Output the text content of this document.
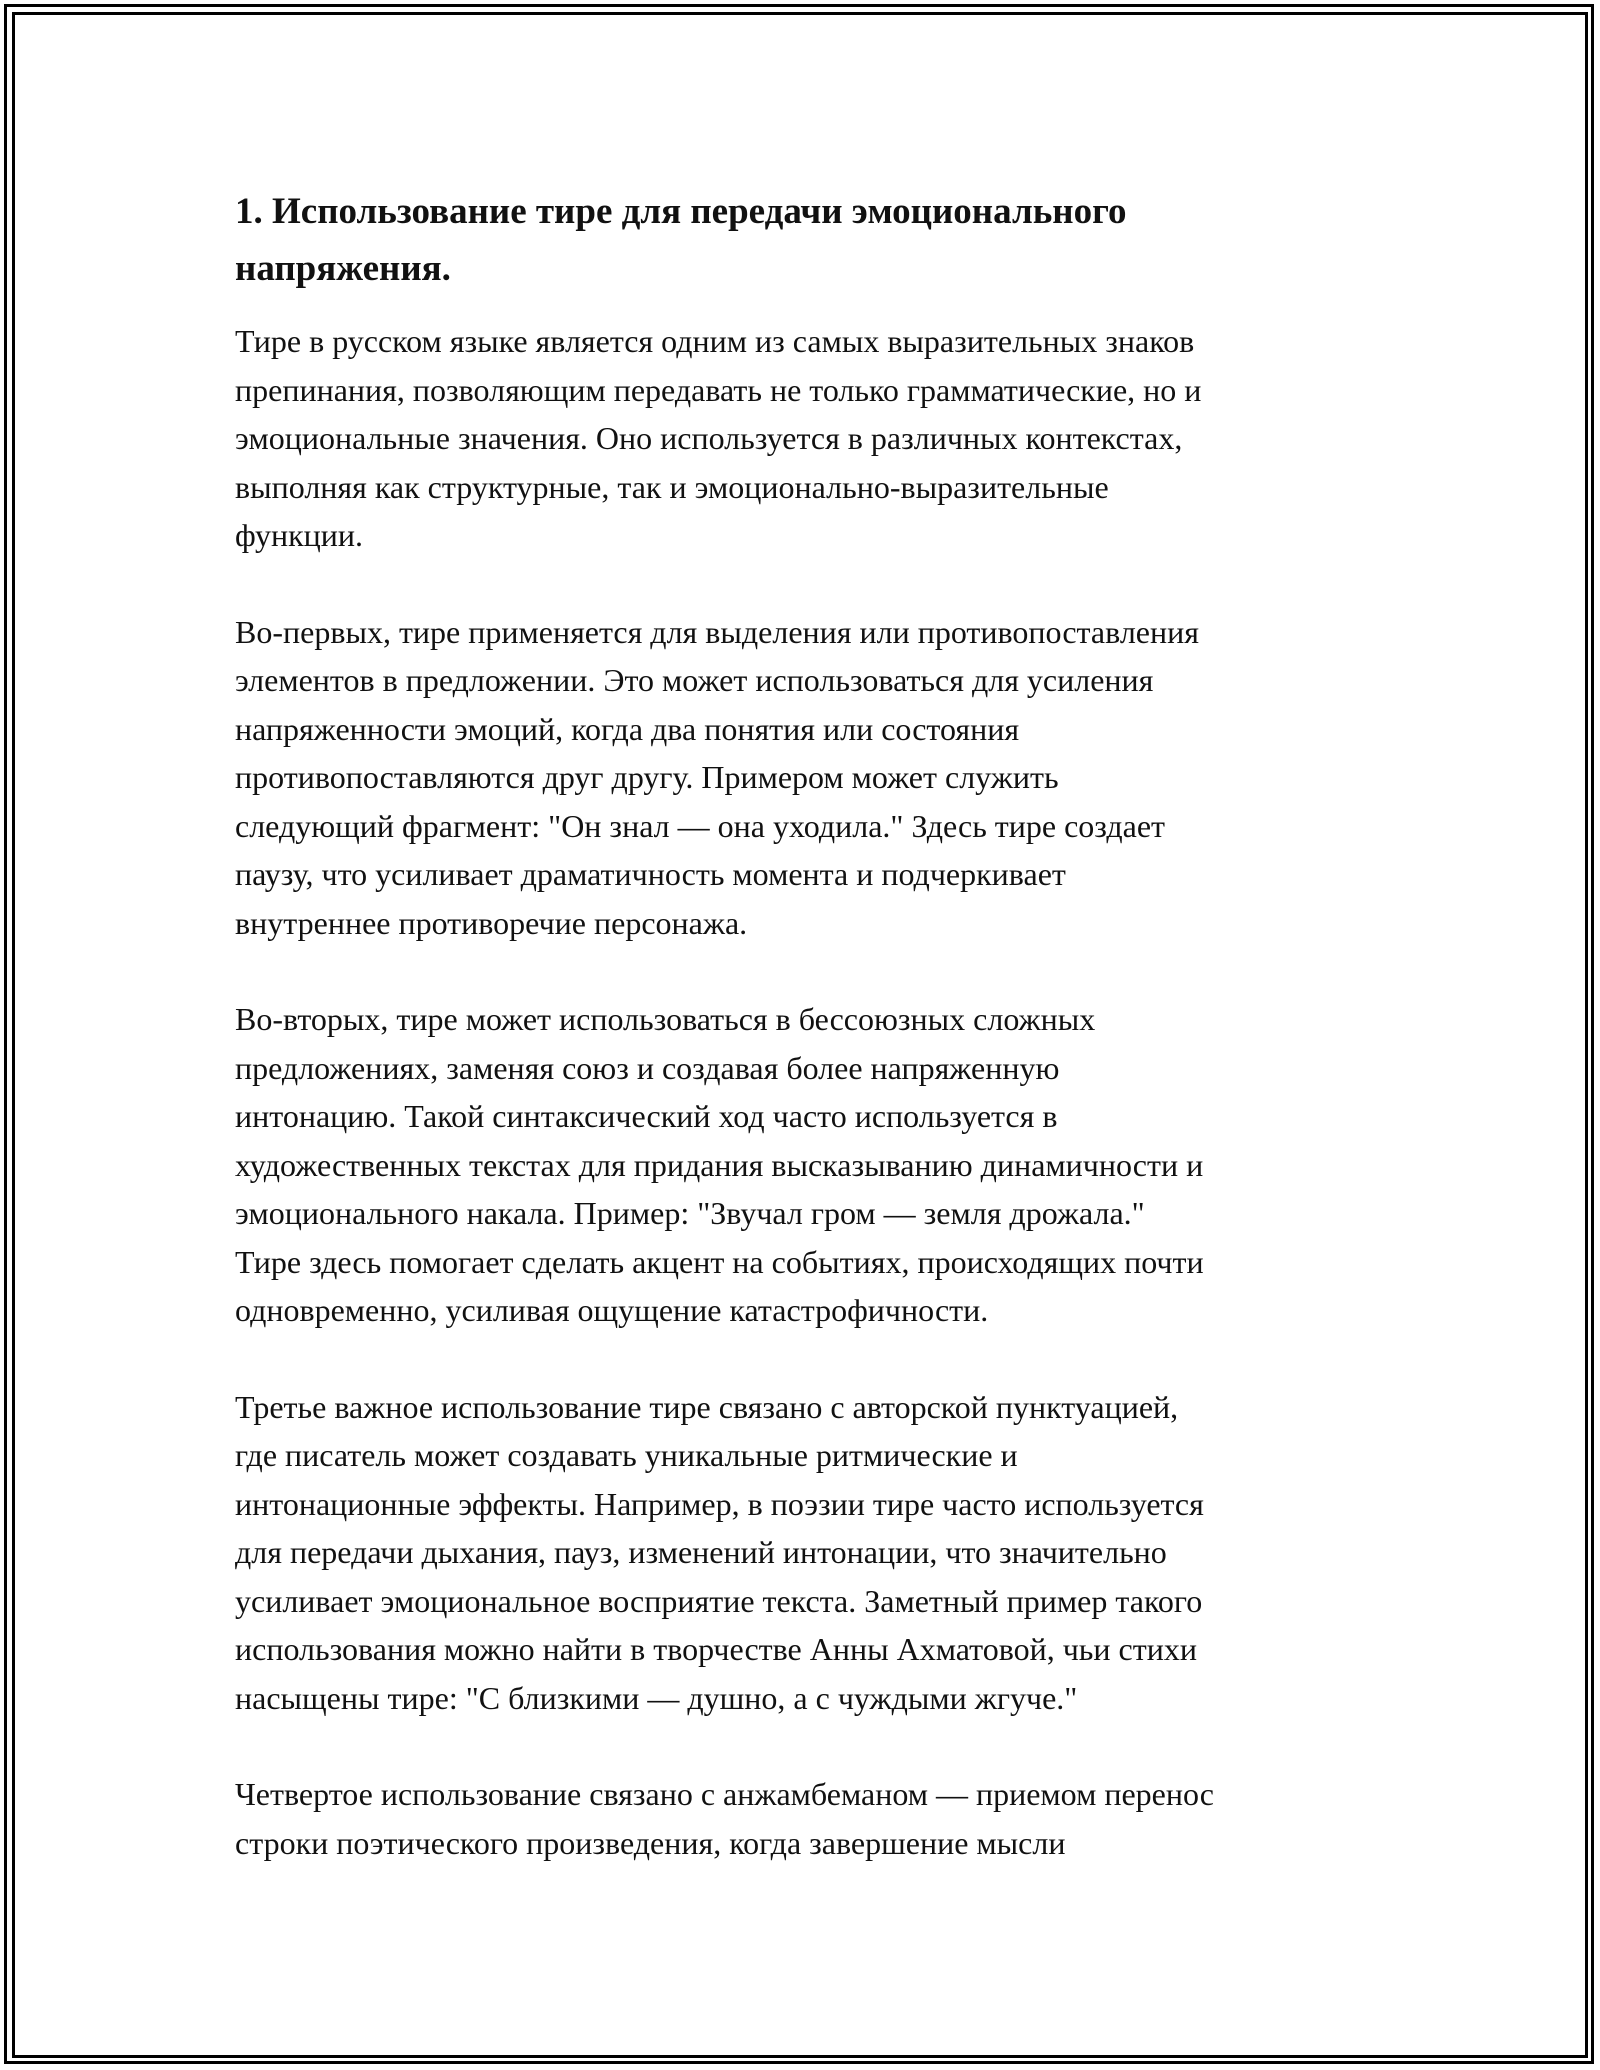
1. Использование тире для передачи эмоционального
напряжения.

Тире в русском языке является одним из самых выразительных знаков
препинания, позволяющим передавать не только грамматические, но и
эмоциональные значения. Оно используется в различных контекстах,
выполняя как структурные, так и эмоционально-выразительные
функции.

Во-первых, тире применяется для выделения или противопоставления
элементов в предложении. Это может использоваться для усиления
напряженности эмоций, когда два понятия или состояния
противопоставляются друг другу. Примером может служить
следующий фрагмент: "Он знал — она уходила." Здесь тире создает
паузу, что усиливает драматичность момента и подчеркивает
внутреннее противоречие персонажа.

Во-вторых, тире может использоваться в бессоюзных сложных
предложениях, заменяя союз и создавая более напряженную
интонацию. Такой синтаксический ход часто используется в
художественных текстах для придания высказыванию динамичности и
эмоционального накала. Пример: "Звучал гром — земля дрожала."
Тире здесь помогает сделать акцент на событиях, происходящих почти
одновременно, усиливая ощущение катастрофичности.

Третье важное использование тире связано с авторской пунктуацией,
где писатель может создавать уникальные ритмические и
интонационные эффекты. Например, в поэзии тире часто используется
для передачи дыхания, пауз, изменений интонации, что значительно
усиливает эмоциональное восприятие текста. Заметный пример такого
использования можно найти в творчестве Анны Ахматовой, чьи стихи
насыщены тире: "С близкими — душно, а с чуждыми жгуче."

Четвертое использование связано с анжамбеманом — приемом перенос
строки поэтического произведения, когда завершение мысли
